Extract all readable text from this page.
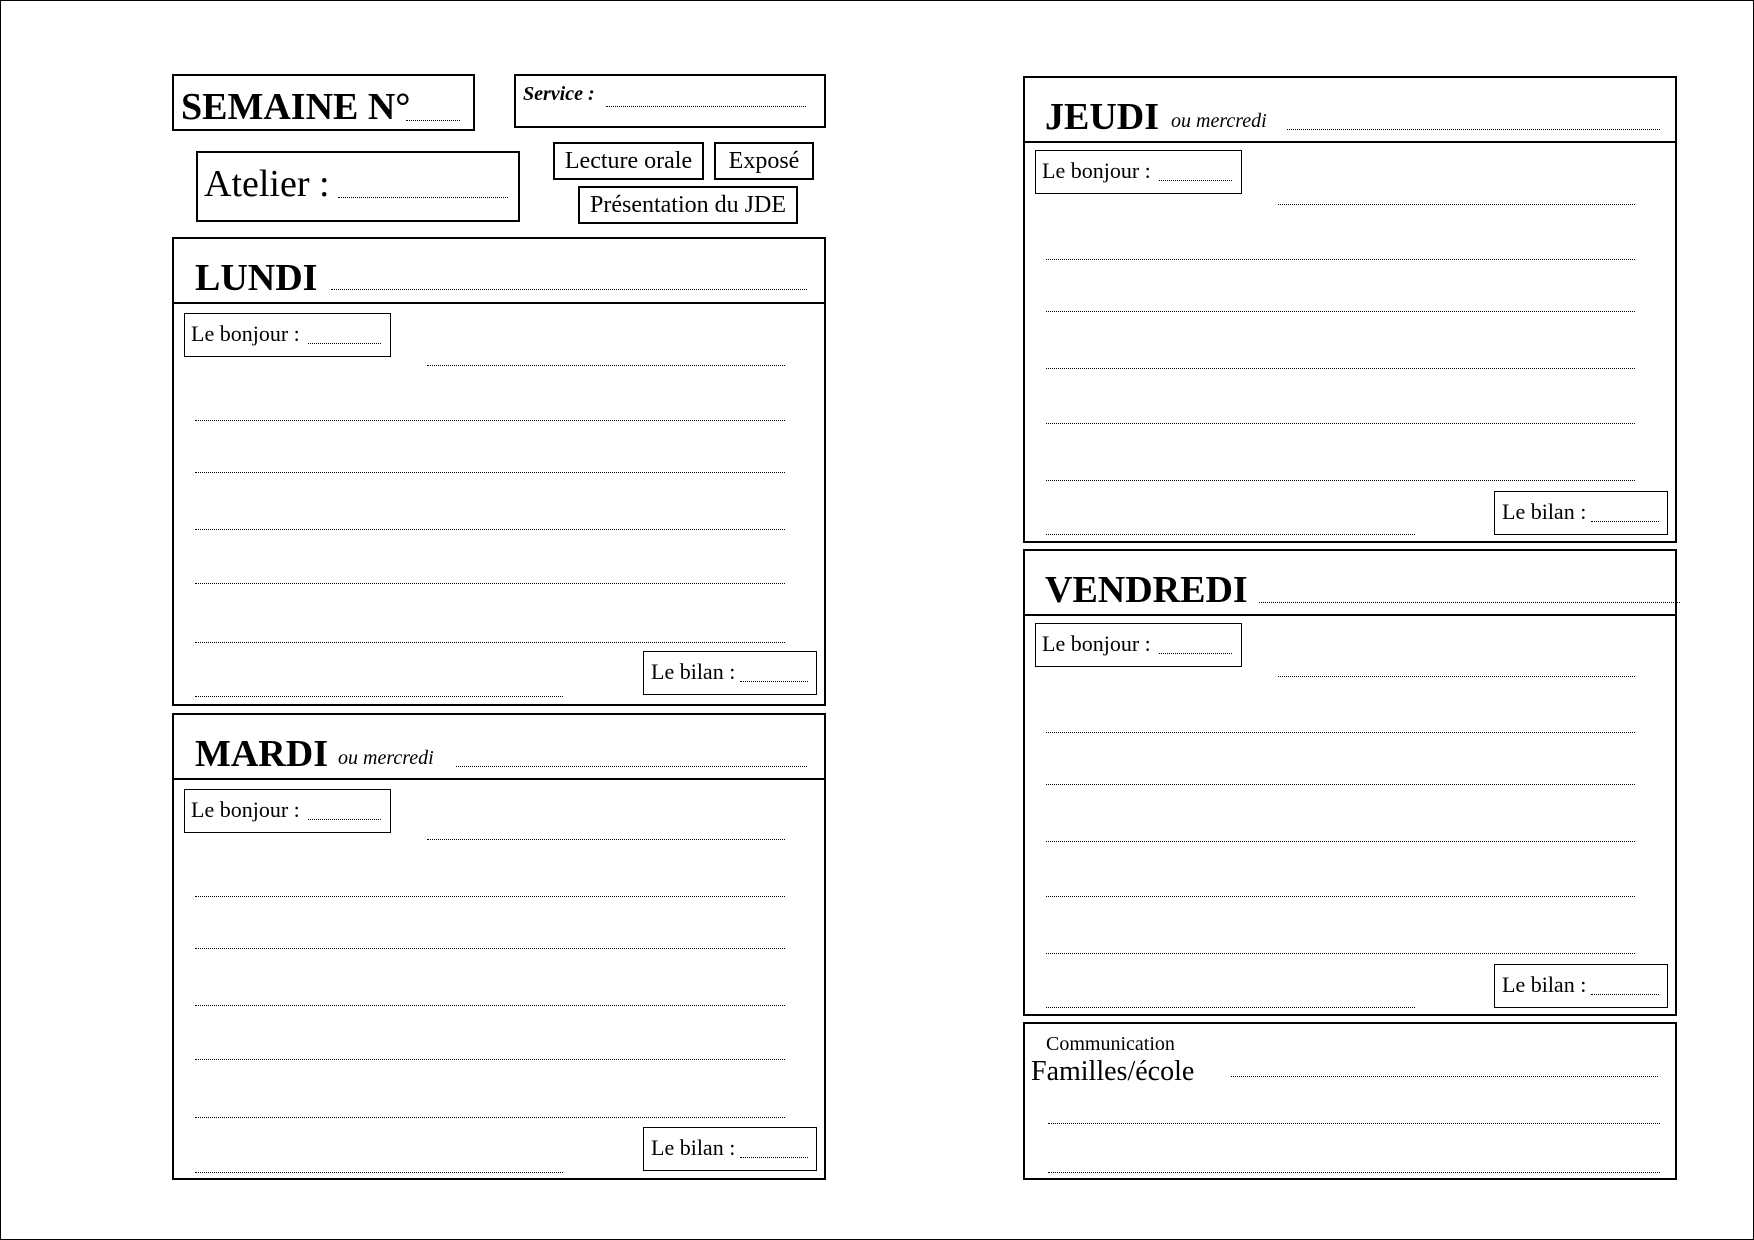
SEMAINE N°	Service :
Atelier :
Lecture orale	Exposé
Présentation du JDE
LUNDI
Le bonjour :
Le bilan :
MARDI ou mercredi
Le bonjour :
Le bilan :
JEUDI ou mercredi
Le bonjour :
Le bilan :
VENDREDI
Le bonjour :
Le bilan :
Communication
Familles/école
